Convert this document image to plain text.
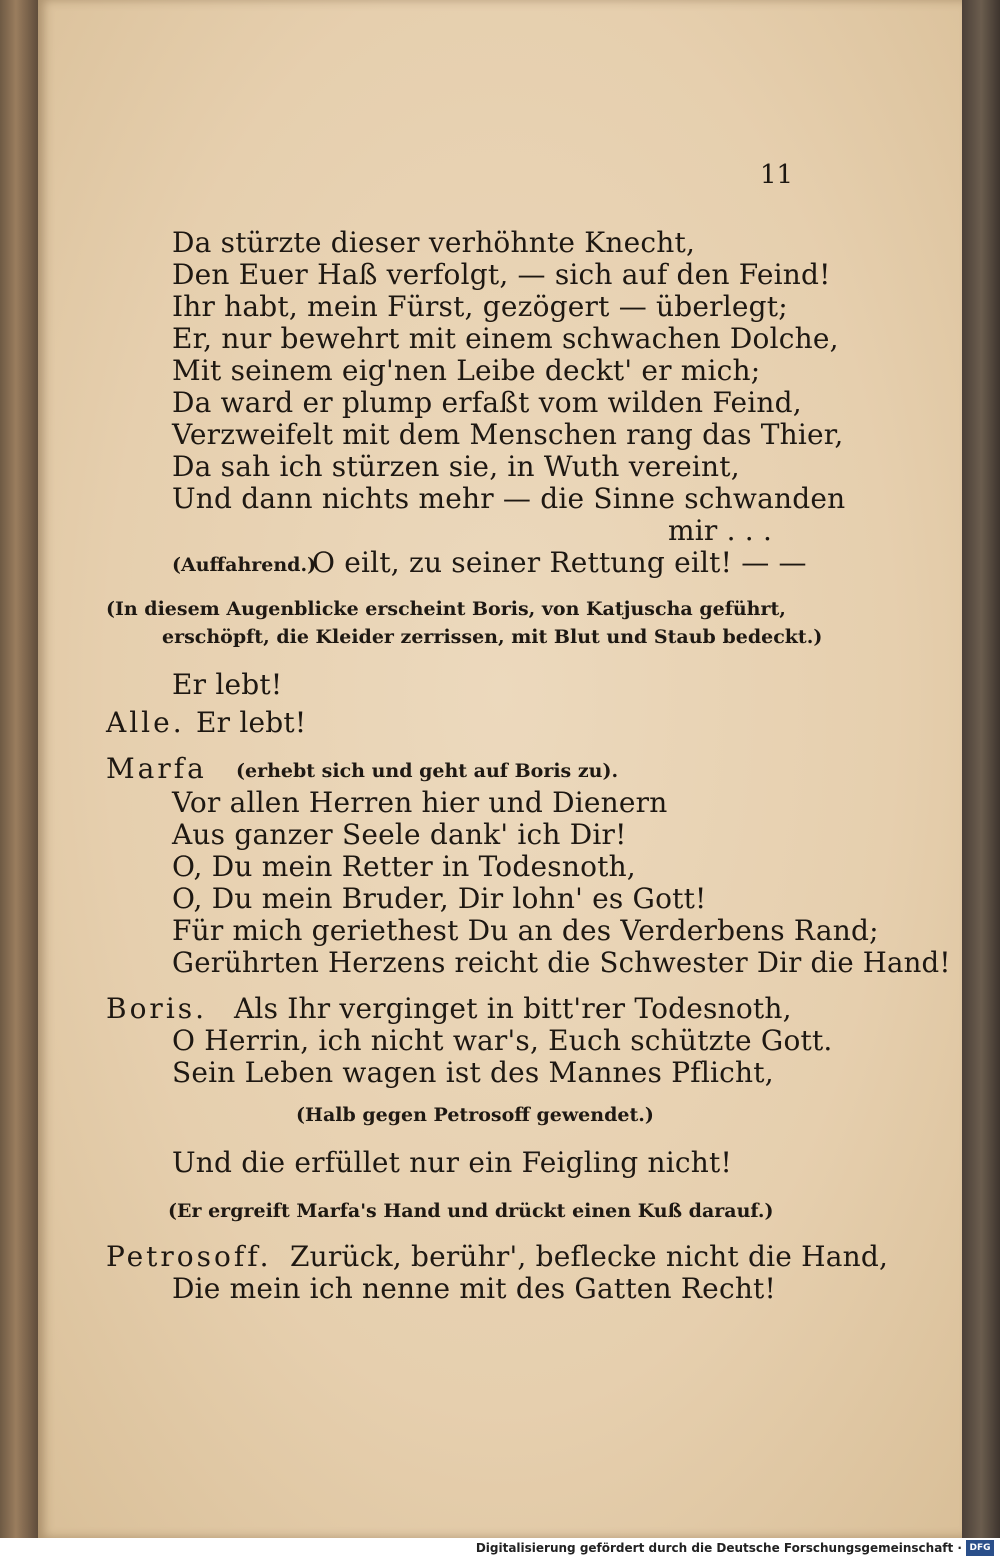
11
Da stürzte dieser verhöhnte Knecht,
Den Euer Haß verfolgt, — sich auf den Feind!
Ihr habt, mein Fürst, gezögert — überlegt;
Er, nur bewehrt mit einem schwachen Dolche,
Mit seinem eig'nen Leibe deckt' er mich;
Da ward er plump erfaßt vom wilden Feind,
Verzweifelt mit dem Menschen rang das Thier,
Da sah ich stürzen sie, in Wuth vereint,
Und dann nichts mehr — die Sinne schwanden
mir . . .
(Auffahrend.)
O eilt, zu seiner Rettung eilt! — —
(In diesem Augenblicke erscheint Boris, von Katjuscha geführt,
erschöpft, die Kleider zerrissen, mit Blut und Staub bedeckt.)
Er lebt!
Alle. Er lebt!
Marfa (erhebt sich und geht auf Boris zu).
Vor allen Herren hier und Dienern
Aus ganzer Seele dank' ich Dir!
O, Du mein Retter in Todesnoth,
O, Du mein Bruder, Dir lohn' es Gott!
Für mich geriethest Du an des Verderbens Rand;
Gerührten Herzens reicht die Schwester Dir die Hand!
Boris. Als Ihr verginget in bitt'rer Todesnoth,
O Herrin, ich nicht war's, Euch schützte Gott.
Sein Leben wagen ist des Mannes Pflicht,
(Halb gegen Petrosoff gewendet.)
Und die erfüllet nur ein Feigling nicht!
(Er ergreift Marfa's Hand und drückt einen Kuß darauf.)
Petrosoff. Zurück, berühr', beflecke nicht die Hand,
Die mein ich nenne mit des Gatten Recht!
Digitalisierung gefördert durch die Deutsche Forschungsgemeinschaft · DFG
